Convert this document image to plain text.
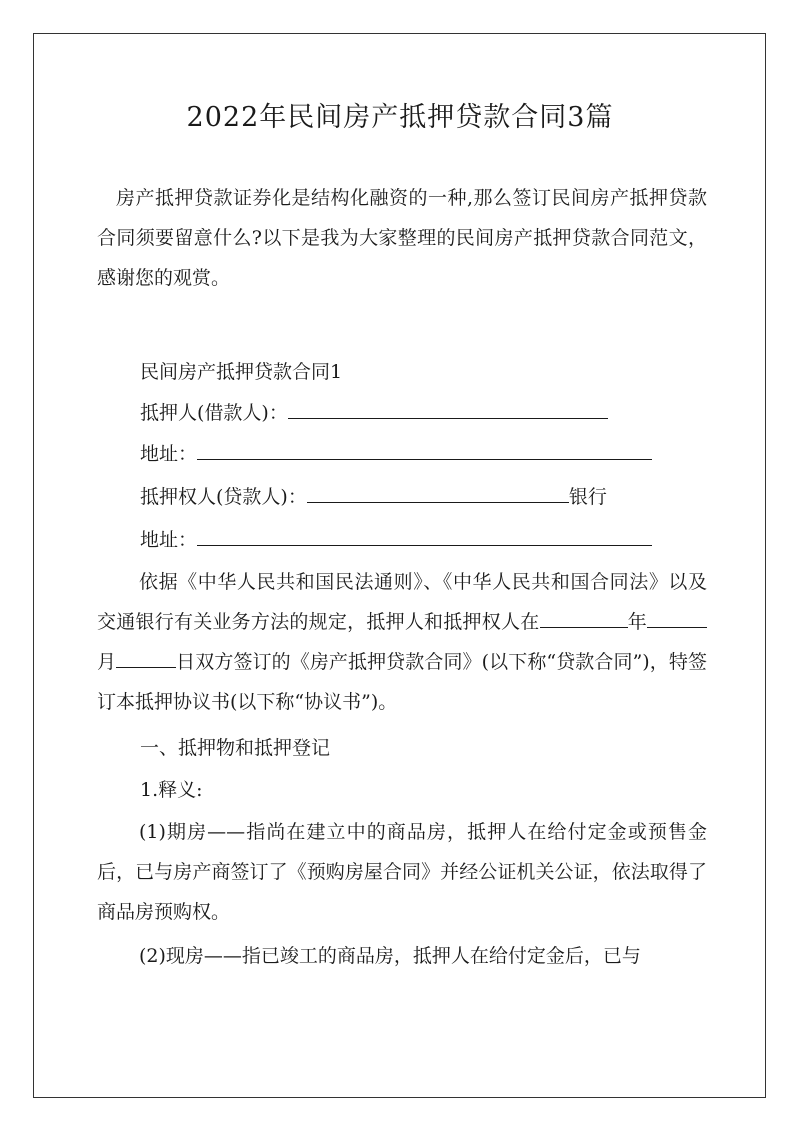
2022年民间房产抵押贷款合同3篇
房产抵押贷款证券化是结构化融资的一种,那么签订民间房产抵押贷款合同须要留意什么?以下是我为大家整理的民间房产抵押贷款合同范文，感谢您的观赏。
民间房产抵押贷款合同1
抵押人(借款人)：
地址：
抵押权人(贷款人)：	银行
地址：
依据《中华人民共和国民法通则》、《中华人民共和国合同法》以及交通银行有关业务方法的规定，抵押人和抵押权人在	年月	日双方签订的《房产抵押贷款合同》(以下称“贷款合同”)，特签订本抵押协议书(以下称“协议书”)。
一、抵押物和抵押登记
1.释义:
(1)期房——指尚在建立中的商品房，抵押人在给付定金或预售金后，已与房产商签订了《预购房屋合同》并经公证机关公证，依法取得了商品房预购权。
(2)现房——指已竣工的商品房，抵押人在给付定金后，已与
